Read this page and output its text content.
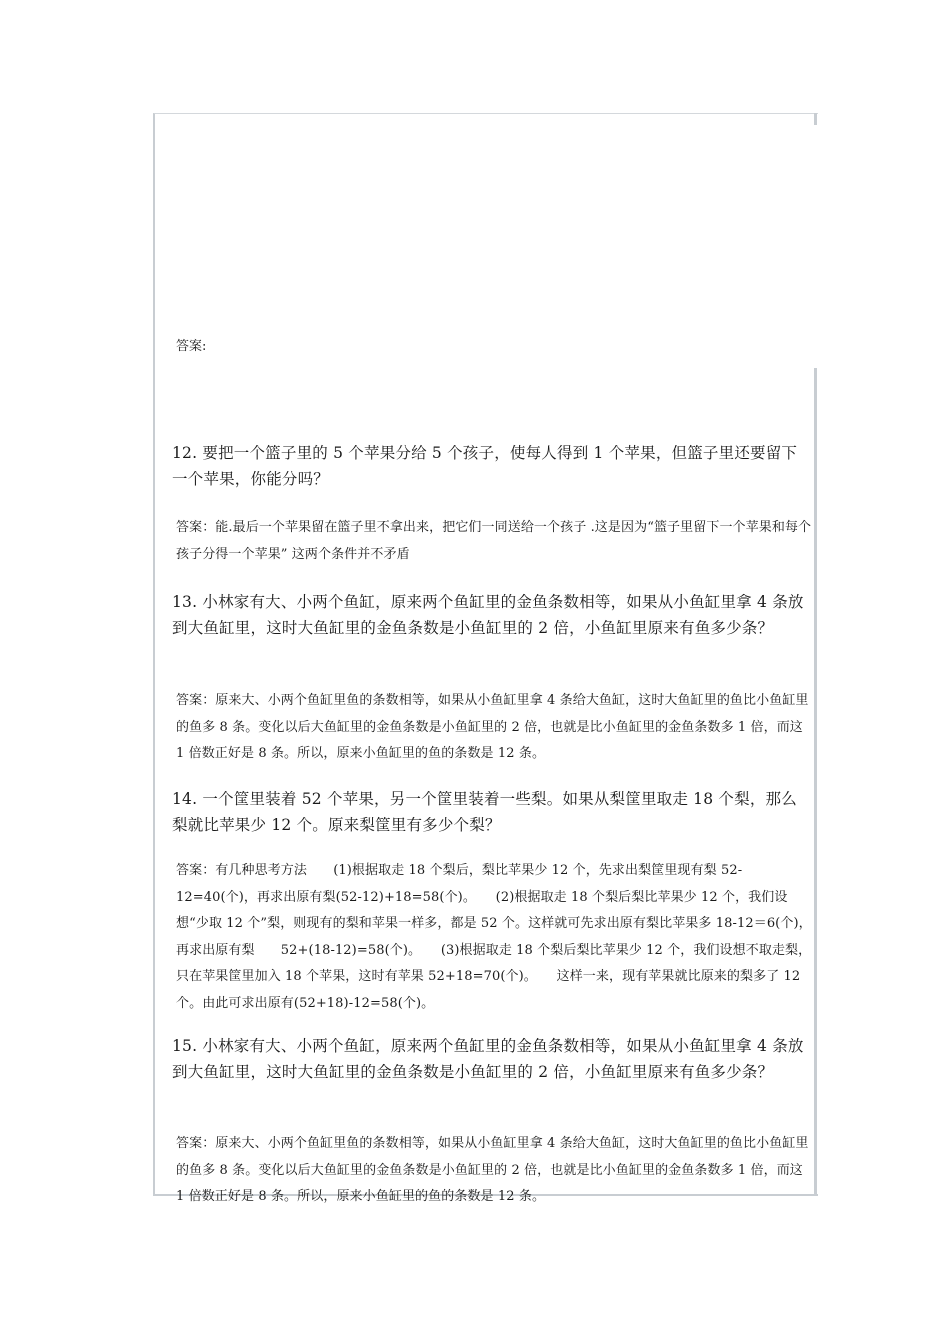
答案:
12. 要把一个篮子里的 5 个苹果分给 5 个孩子，使每人得到 1 个苹果，但篮子里还要留下一个苹果，你能分吗？
答案：能.最后一个苹果留在篮子里不拿出来，把它们一同送给一个孩子 .这是因为“篮子里留下一个苹果和每个孩子分得一个苹果” 这两个条件并不矛盾
13. 小林家有大、小两个鱼缸，原来两个鱼缸里的金鱼条数相等，如果从小鱼缸里拿 4 条放到大鱼缸里，这时大鱼缸里的金鱼条数是小鱼缸里的 2 倍，小鱼缸里原来有鱼多少条？
答案：原来大、小两个鱼缸里鱼的条数相等，如果从小鱼缸里拿 4 条给大鱼缸，这时大鱼缸里的鱼比小鱼缸里的鱼多 8 条。变化以后大鱼缸里的金鱼条数是小鱼缸里的 2 倍，也就是比小鱼缸里的金鱼条数多 1 倍，而这 1 倍数正好是 8 条。所以，原来小鱼缸里的鱼的条数是 12 条。
14. 一个筐里装着 52 个苹果，另一个筐里装着一些梨。如果从梨筐里取走 18 个梨，那么梨就比苹果少 12 个。原来梨筐里有多少个梨？
答案：有几种思考方法　　(1)根据取走 18 个梨后，梨比苹果少 12 个，先求出梨筐里现有梨 52-12=40(个)，再求出原有梨(52-12)+18=58(个)。　　(2)根据取走 18 个梨后梨比苹果少 12 个，我们设想“少取 12 个”梨，则现有的梨和苹果一样多，都是 52 个。这样就可先求出原有梨比苹果多 18-12＝6(个)，再求出原有梨　　52+(18-12)=58(个)。　　(3)根据取走 18 个梨后梨比苹果少 12 个，我们设想不取走梨，只在苹果筐里加入 18 个苹果，这时有苹果 52+18=70(个)。　　这样一来，现有苹果就比原来的梨多了 12 个。由此可求出原有(52+18)-12=58(个)。
15. 小林家有大、小两个鱼缸，原来两个鱼缸里的金鱼条数相等，如果从小鱼缸里拿 4 条放到大鱼缸里，这时大鱼缸里的金鱼条数是小鱼缸里的 2 倍，小鱼缸里原来有鱼多少条？
答案：原来大、小两个鱼缸里鱼的条数相等，如果从小鱼缸里拿 4 条给大鱼缸，这时大鱼缸里的鱼比小鱼缸里的鱼多 8 条。变化以后大鱼缸里的金鱼条数是小鱼缸里的 2 倍，也就是比小鱼缸里的金鱼条数多 1 倍，而这 1 倍数正好是 8 条。所以，原来小鱼缸里的鱼的条数是 12 条。
